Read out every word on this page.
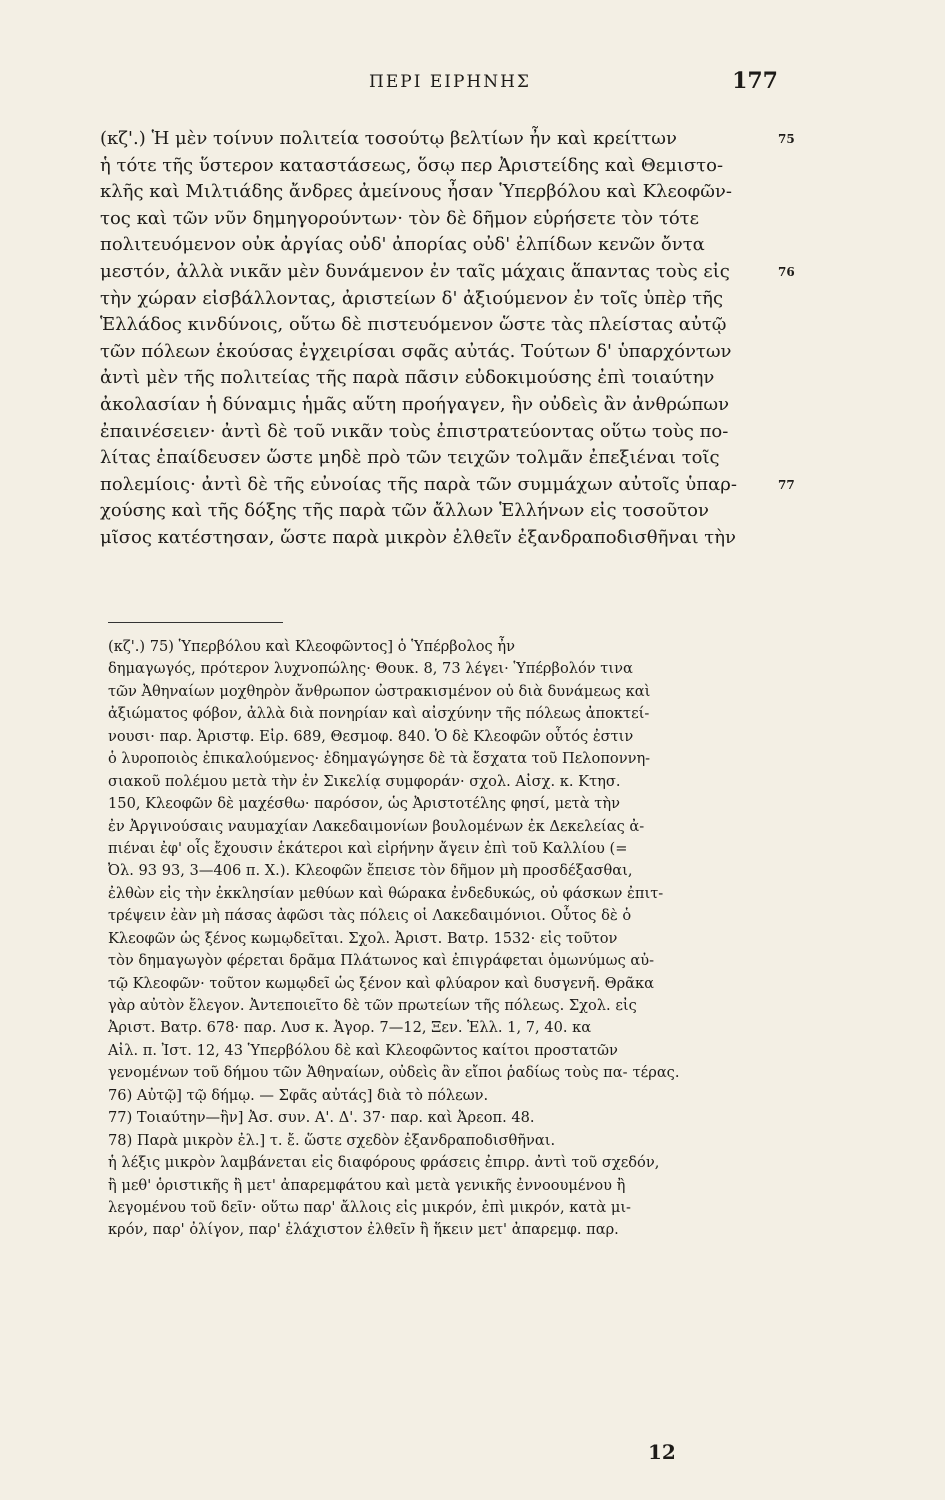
ΠΕΡΙ ΕΙΡΗΝΗΣ	177
(κζ'.) Ἡ μὲν τοίνυν πολιτεία τοσούτῳ βελτίων ἦν καὶ κρείττων	75
ἡ τότε τῆς ὕστερον καταστάσεως, ὅσῳ περ Ἀριστείδης καὶ Θεμιστο-
κλῆς καὶ Μιλτιάδης ἄνδρες ἀμείνους ἦσαν Ὑπερβόλου καὶ Κλεοφῶν-
τος καὶ τῶν νῦν δημηγορούντων· τὸν δὲ δῆμον εὑρήσετε τὸν τότε
πολιτευόμενον οὐκ ἀργίας οὐδ' ἀπορίας οὐδ' ἐλπίδων κενῶν ὄντα
μεστόν, ἀλλὰ νικᾶν μὲν δυνάμενον ἐν ταῖς μάχαις ἅπαντας τοὺς εἰς	76
τὴν χώραν εἰσβάλλοντας, ἀριστείων δ' ἀξιούμενον ἐν τοῖς ὑπὲρ τῆς
Ἑλλάδος κινδύνοις, οὕτω δὲ πιστευόμενον ὥστε τὰς πλείστας αὐτῷ
τῶν πόλεων ἑκούσας ἐγχειρίσαι σφᾶς αὐτάς. Τούτων δ' ὑπαρχόντων
ἀντὶ μὲν τῆς πολιτείας τῆς παρὰ πᾶσιν εὐδοκιμούσης ἐπὶ τοιαύτην
ἀκολασίαν ἡ δύναμις ἡμᾶς αὕτη προήγαγεν, ἣν οὐδεὶς ἂν ἀνθρώπων
ἐπαινέσειεν· ἀντὶ δὲ τοῦ νικᾶν τοὺς ἐπιστρατεύοντας οὕτω τοὺς πο-
λίτας ἐπαίδευσεν ὥστε μηδὲ πρὸ τῶν τειχῶν τολμᾶν ἐπεξιέναι τοῖς
πολεμίοις· ἀντὶ δὲ τῆς εὐνοίας τῆς παρὰ τῶν συμμάχων αὐτοῖς ὑπαρ-	77
χούσης καὶ τῆς δόξης τῆς παρὰ τῶν ἄλλων Ἑλλήνων εἰς τοσοῦτον
μῖσος κατέστησαν, ὥστε παρὰ μικρὸν ἐλθεῖν ἐξανδραποδισθῆναι τὴν
(κζ'.) 75) Ὑπερβόλου καὶ Κλεοφῶντος] ὁ Ὑπέρβολος ἦν δημαγωγός, πρότερον λυχνοπώλης· Θουκ. 8, 73 λέγει· Ὑπέρβολόν τινα τῶν Ἀθηναίων μοχθηρὸν ἄνθρωπον ὠστρακισμένον οὐ διὰ δυνάμεως καὶ ἀξιώματος φόβον, ἀλλὰ διὰ πονηρίαν καὶ αἰσχύνην τῆς πόλεως ἀποκτεί- νουσι· παρ. Ἀριστφ. Εἰρ. 689, Θεσμοφ. 840. Ὁ δὲ Κλεοφῶν οὗτός ἐστιν ὁ λυροποιὸς ἐπικαλούμενος· ἐδημαγώγησε δὲ τὰ ἔσχατα τοῦ Πελοποννη- σιακοῦ πολέμου μετὰ τὴν ἐν Σικελίᾳ συμφοράν· σχολ. Αἰσχ. κ. Κτησ. 150, Κλεοφῶν δὲ μαχέσθω· παρόσον, ὡς Ἀριστοτέλης φησί, μετὰ τὴν ἐν Ἀργινούσαις ναυμαχίαν Λακεδαιμονίων βουλομένων ἐκ Δεκελείας ἀ- πιέναι ἐφ' οἷς ἔχουσιν ἑκάτεροι καὶ εἰρήνην ἄγειν ἐπὶ τοῦ Καλλίου (= Ὀλ. 93 93, 3—406 π. Χ.). Κλεοφῶν ἔπεισε τὸν δῆμον μὴ προσδέξασθαι, ἐλθὼν εἰς τὴν ἐκκλησίαν μεθύων καὶ θώρακα ἐνδεδυκώς, οὐ φάσκων ἐπιτ- τρέψειν ἐὰν μὴ πάσας ἀφῶσι τὰς πόλεις οἱ Λακεδαιμόνιοι. Οὗτος δὲ ὁ Κλεοφῶν ὡς ξένος κωμῳδεῖται. Σχολ. Ἀριστ. Βατρ. 1532· εἰς τοῦτον τὸν δημαγωγὸν φέρεται δρᾶμα Πλάτωνος καὶ ἐπιγράφεται ὁμωνύμως αὐ- τῷ Κλεοφῶν· τοῦτον κωμῳδεῖ ὡς ξένον καὶ φλύαρον καὶ δυσγενῆ. Θρᾶκα γὰρ αὐτὸν ἔλεγον. Ἀντεποιεῖτο δὲ τῶν πρωτείων τῆς πόλεως. Σχολ. εἰς Ἀριστ. Βατρ. 678· παρ. Λυσ κ. Ἀγορ. 7—12, Ξεν. Ἑλλ. 1, 7, 40. κα Αἰλ. π. Ἰστ. 12, 43 Ὑπερβόλου δὲ καὶ Κλεοφῶντος καίτοι προστατῶν γενομένων τοῦ δήμου τῶν Ἀθηναίων, οὐδεὶς ἂν εἴποι ῥαδίως τοὺς πα- τέρας. 76) Αὐτῷ] τῷ δήμῳ. — Σφᾶς αὐτάς] διὰ τὸ πόλεων. 77) Τοιαύτην—ἣν] Ἀσ. συν. Α'. Δ'. 37· παρ. καὶ Ἀρεοπ. 48. 78) Παρὰ μικρὸν ἐλ.] τ. ἔ. ὥστε σχεδὸν ἐξανδραποδισθῆναι. ἡ λέξις μικρὸν λαμβάνεται εἰς διαφόρους φράσεις ἐπιρρ. ἀντὶ τοῦ σχεδόν, ἢ μεθ' ὁριστικῆς ἢ μετ' ἀπαρεμφάτου καὶ μετὰ γενικῆς ἐννοουμένου ἢ λεγομένου τοῦ δεῖν· οὕτω παρ' ἄλλοις εἰς μικρόν, ἐπὶ μικρόν, κατὰ μι- κρόν, παρ' ὀλίγον, παρ' ἐλάχιστον ἐλθεῖν ἢ ἥκειν μετ' ἀπαρεμφ. παρ.
12
